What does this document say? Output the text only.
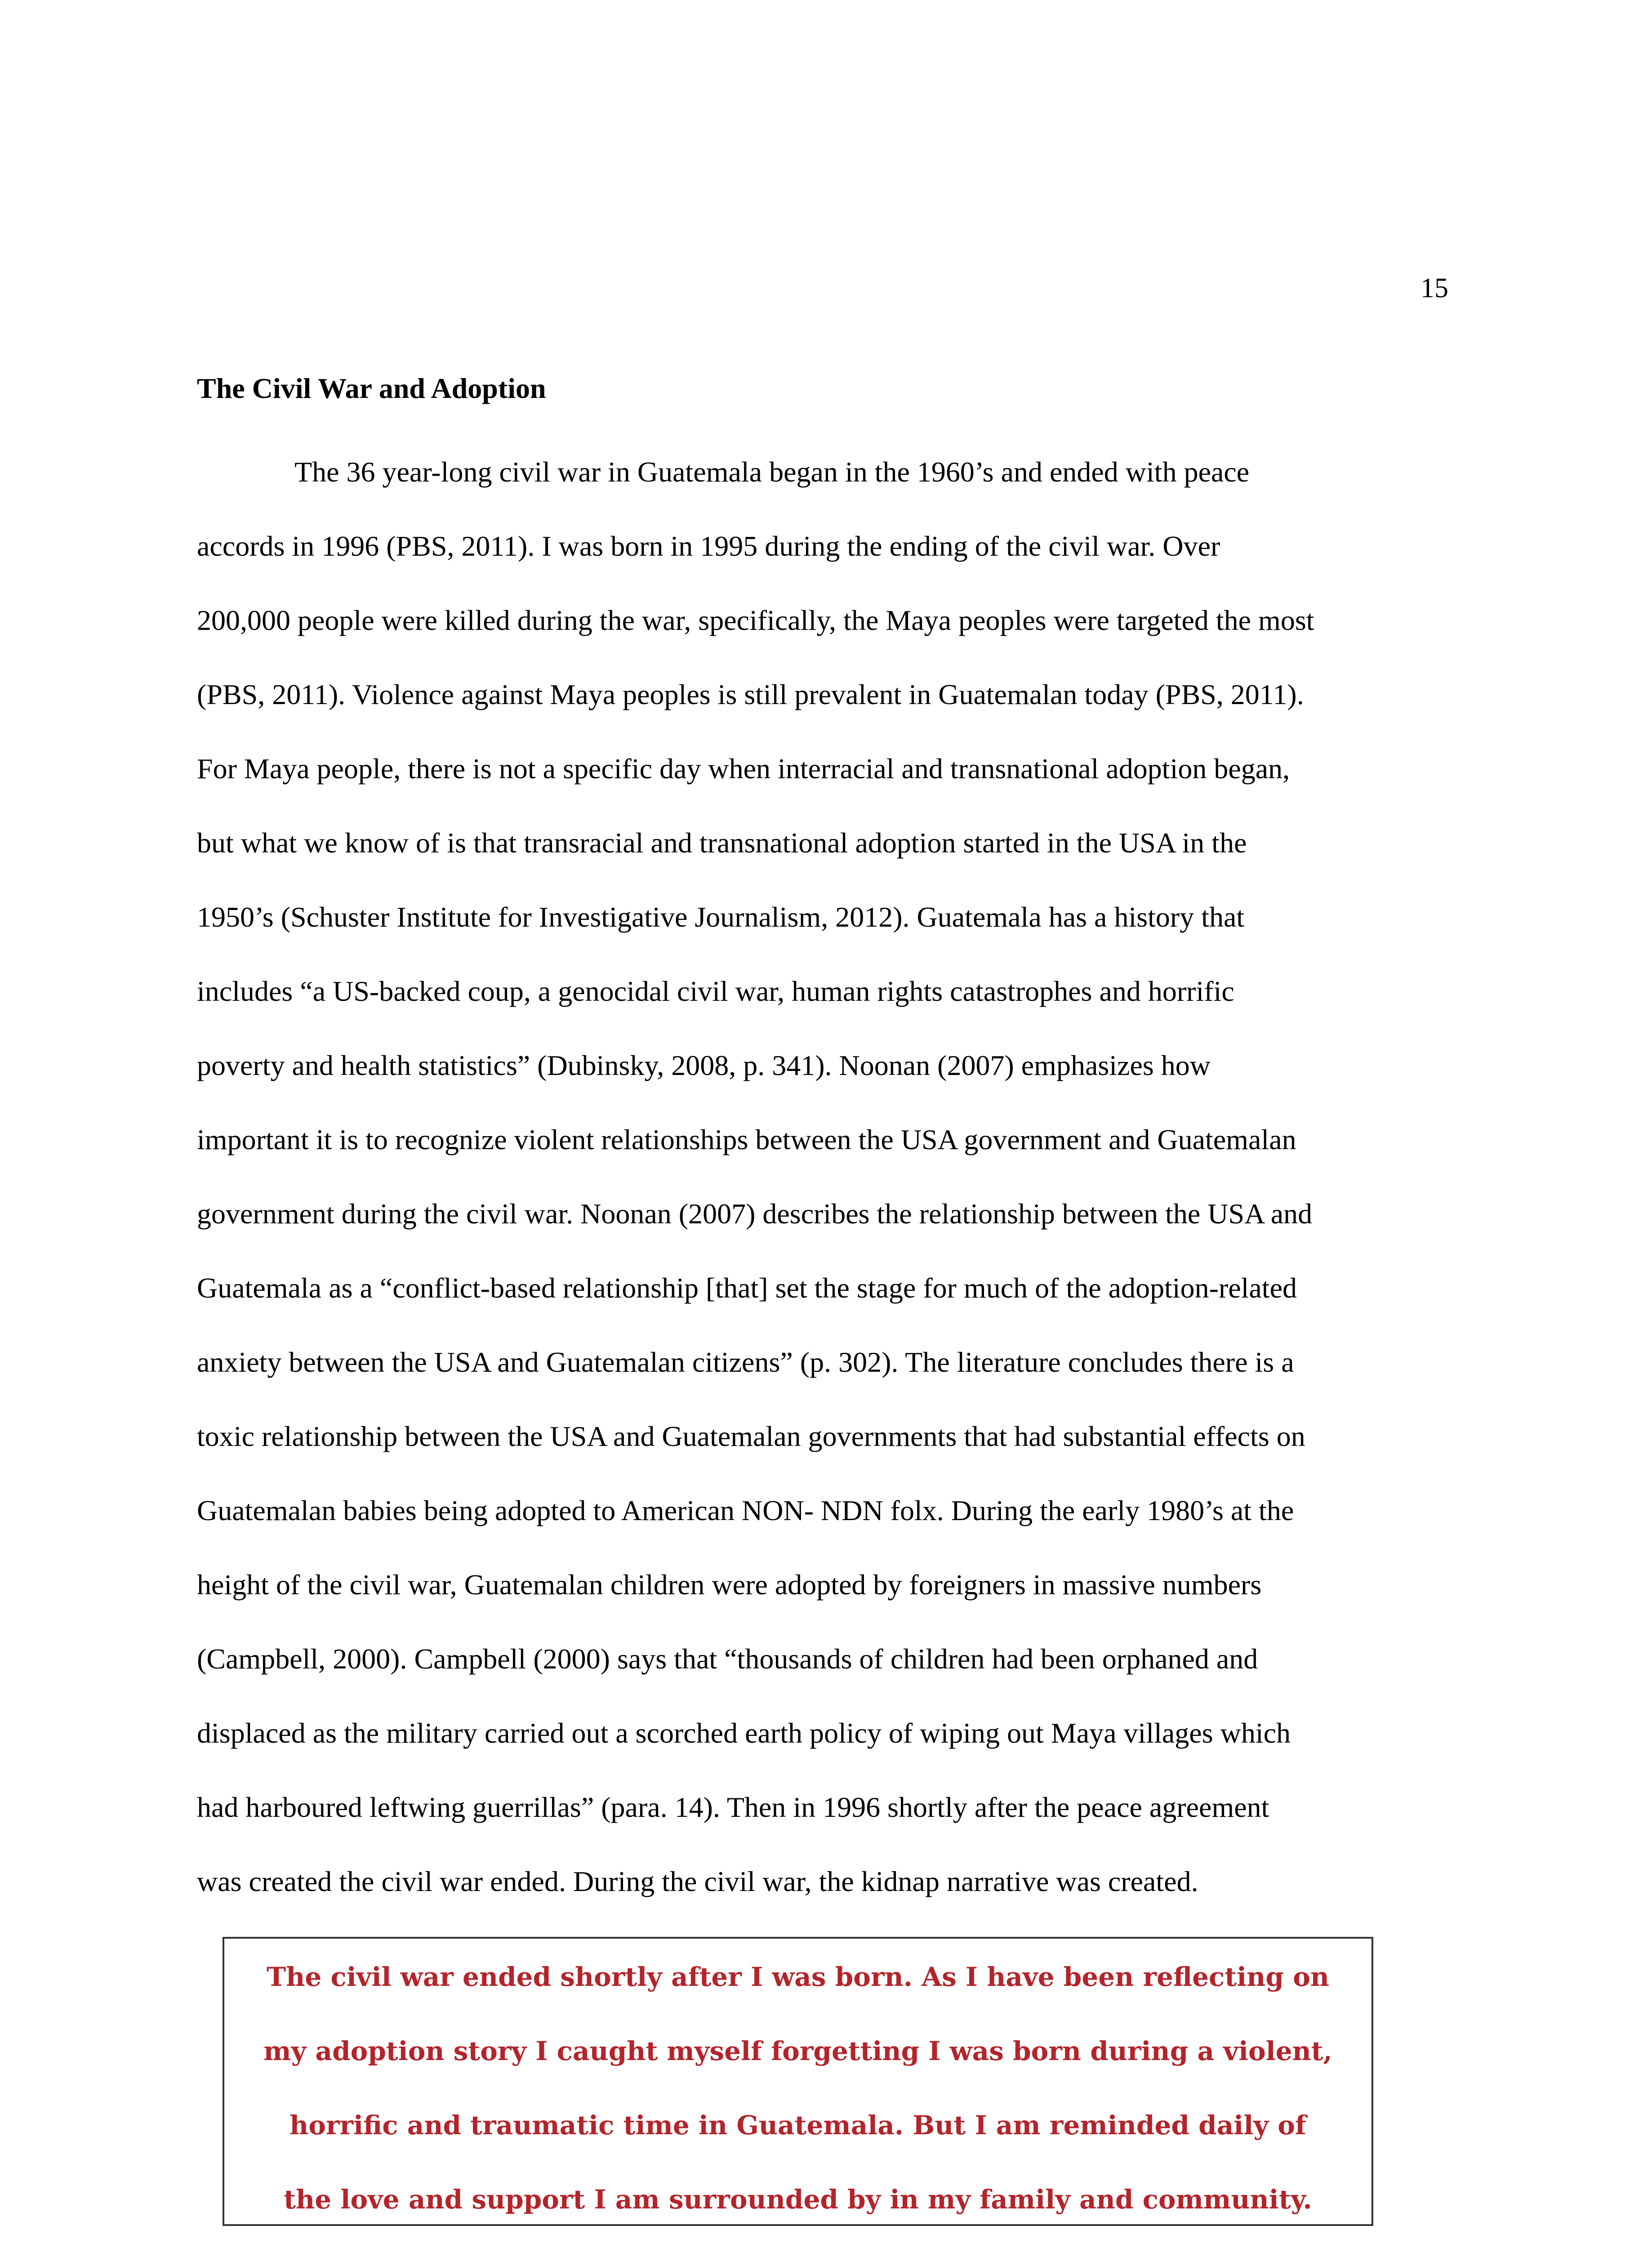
15
The Civil War and Adoption
The 36 year-long civil war in Guatemala began in the 1960’s and ended with peace
accords in 1996 (PBS, 2011). I was born in 1995 during the ending of the civil war. Over
200,000 people were killed during the war, specifically, the Maya peoples were targeted the most
(PBS, 2011). Violence against Maya peoples is still prevalent in Guatemalan today (PBS, 2011).
For Maya people, there is not a specific day when interracial and transnational adoption began,
but what we know of is that transracial and transnational adoption started in the USA in the
1950’s (Schuster Institute for Investigative Journalism, 2012). Guatemala has a history that
includes “a US-backed coup, a genocidal civil war, human rights catastrophes and horrific
poverty and health statistics” (Dubinsky, 2008, p. 341). Noonan (2007) emphasizes how
important it is to recognize violent relationships between the USA government and Guatemalan
government during the civil war. Noonan (2007) describes the relationship between the USA and
Guatemala as a “conflict-based relationship [that] set the stage for much of the adoption-related
anxiety between the USA and Guatemalan citizens” (p. 302). The literature concludes there is a
toxic relationship between the USA and Guatemalan governments that had substantial effects on
Guatemalan babies being adopted to American NON- NDN folx. During the early 1980’s at the
height of the civil war, Guatemalan children were adopted by foreigners in massive numbers
(Campbell, 2000). Campbell (2000) says that “thousands of children had been orphaned and
displaced as the military carried out a scorched earth policy of wiping out Maya villages which
had harboured leftwing guerrillas” (para. 14). Then in 1996 shortly after the peace agreement
was created the civil war ended. During the civil war, the kidnap narrative was created.
The civil war ended shortly after I was born. As I have been reflecting on
my adoption story I caught myself forgetting I was born during a violent,
horrific and traumatic time in Guatemala. But I am reminded daily of
the love and support I am surrounded by in my family and community.
